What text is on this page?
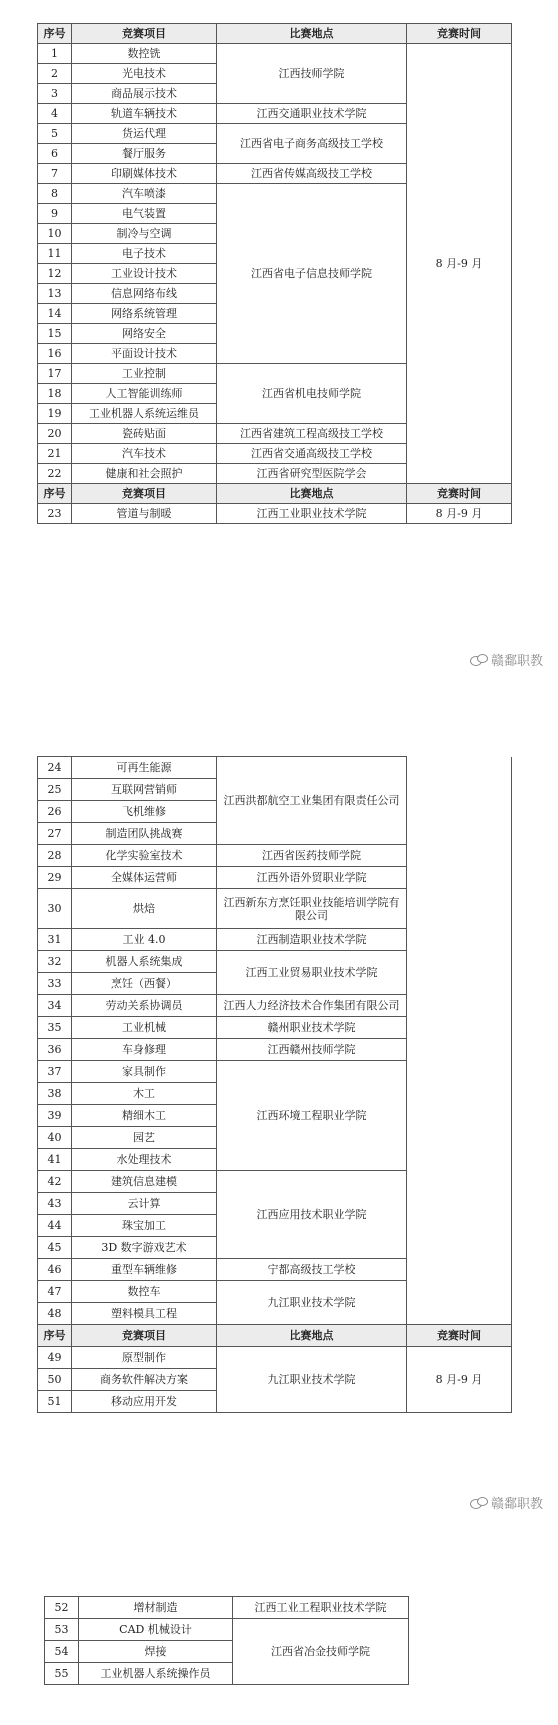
序号	竞赛项目	比赛地点	竞赛时间
1	数控铣	江西技师学院	8 月-9 月
2	光电技术		
3	商品展示技术		
4	轨道车辆技术	江西交通职业技术学院	
5	货运代理	江西省电子商务高级技工学校	
6	餐厅服务		
7	印刷媒体技术	江西省传媒高级技工学校	
8	汽车喷漆	江西省电子信息技师学院	
9	电气装置		
10	制冷与空调		
11	电子技术		
12	工业设计技术		
13	信息网络布线		
14	网络系统管理		
15	网络安全		
16	平面设计技术		
17	工业控制	江西省机电技师学院	
18	人工智能训练师		
19	工业机器人系统运维员		
20	瓷砖贴面	江西省建筑工程高级技工学校	
21	汽车技术	江西省交通高级技工学校	
22	健康和社会照护	江西省研究型医院学会	
序号	竞赛项目	比赛地点	竞赛时间
23	管道与制暖	江西工业职业技术学院	8 月-9 月
赣鄱职教
24	可再生能源	江西洪都航空工业集团有限责任公司	
25	互联网营销师		
26	飞机维修		
27	制造团队挑战赛		
28	化学实验室技术	江西省医药技师学院	
29	全媒体运营师	江西外语外贸职业学院	
30	烘焙	江西新东方烹饪职业技能培训学院有限公司	
31	工业 4.0	江西制造职业技术学院	
32	机器人系统集成	江西工业贸易职业技术学院	
33	烹饪（西餐）		
34	劳动关系协调员	江西人力经济技术合作集团有限公司	
35	工业机械	赣州职业技术学院	
36	车身修理	江西赣州技师学院	
37	家具制作	江西环境工程职业学院	
38	木工		
39	精细木工		
40	园艺		
41	水处理技术		
42	建筑信息建模	江西应用技术职业学院	
43	云计算		
44	珠宝加工		
45	3D 数字游戏艺术		
46	重型车辆维修	宁都高级技工学校	
47	数控车	九江职业技术学院	
48	塑料模具工程		
序号	竞赛项目	比赛地点	竞赛时间
49	原型制作	九江职业技术学院	8 月-9 月
50	商务软件解决方案		
51	移动应用开发		
赣鄱职教
52	增材制造	江西工业工程职业技术学院	
53	CAD 机械设计	江西省冶金技师学院	
54	焊接		
55	工业机器人系统操作员		
